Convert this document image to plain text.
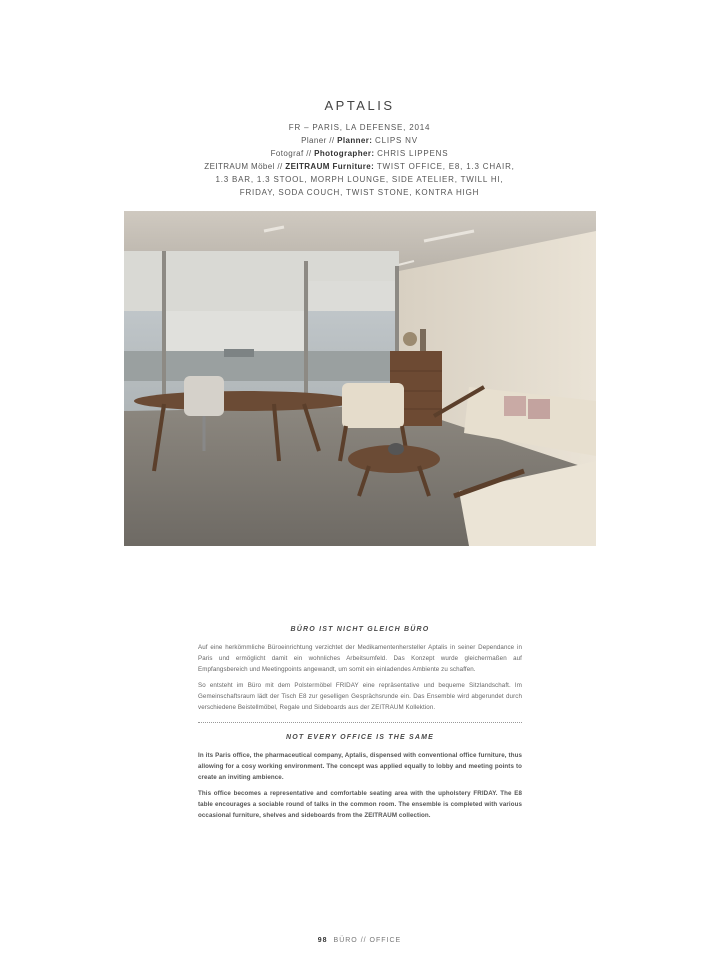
APTALIS
FR – PARIS, LA DEFENSE, 2014
Planer // Planner: CLIPS NV
Fotograf // Photographer: CHRIS LIPPENS
ZEITRAUM Möbel // ZEITRAUM Furniture: TWIST OFFICE, E8, 1.3 CHAIR,
1.3 BAR, 1.3 STOOL, MORPH LOUNGE, SIDE ATELIER, TWILL HI,
FRIDAY, SODA COUCH, TWIST STONE, KONTRA HIGH
BÜRO IST NICHT GLEICH BÜRO

Auf eine herkömmliche Büroeinrichtung verzichtet der Medikamentenhersteller Aptalis in seiner Dependance in Paris und ermöglicht damit ein wohnliches Arbeitsumfeld. Das Konzept wurde gleichermaßen auf Empfangsbereich und Meetingpoints angewandt, um somit ein einladendes Ambiente zu schaffen.

So entsteht im Büro mit dem Polstermöbel FRIDAY eine repräsentative und bequeme Sitzlandschaft. Im Gemeinschaftsraum lädt der Tisch E8 zur geselligen Gesprächsrunde ein. Das Ensemble wird abgerundet durch verschiedene Beistellmöbel, Regale und Sideboards aus der ZEITRAUM Kollektion.

NOT EVERY OFFICE IS THE SAME

In its Paris office, the pharmaceutical company, Aptalis, dispensed with conventional office furniture, thus allowing for a cosy working environment. The concept was applied equally to lobby and meeting points to create an inviting ambience.

This office becomes a representative and comfortable seating area with the upholstery FRIDAY. The E8 table encourages a sociable round of talks in the common room. The ensemble is completed with various occasional furniture, shelves and sideboards from the ZEITRAUM collection.

98 BÜRO // OFFICE
